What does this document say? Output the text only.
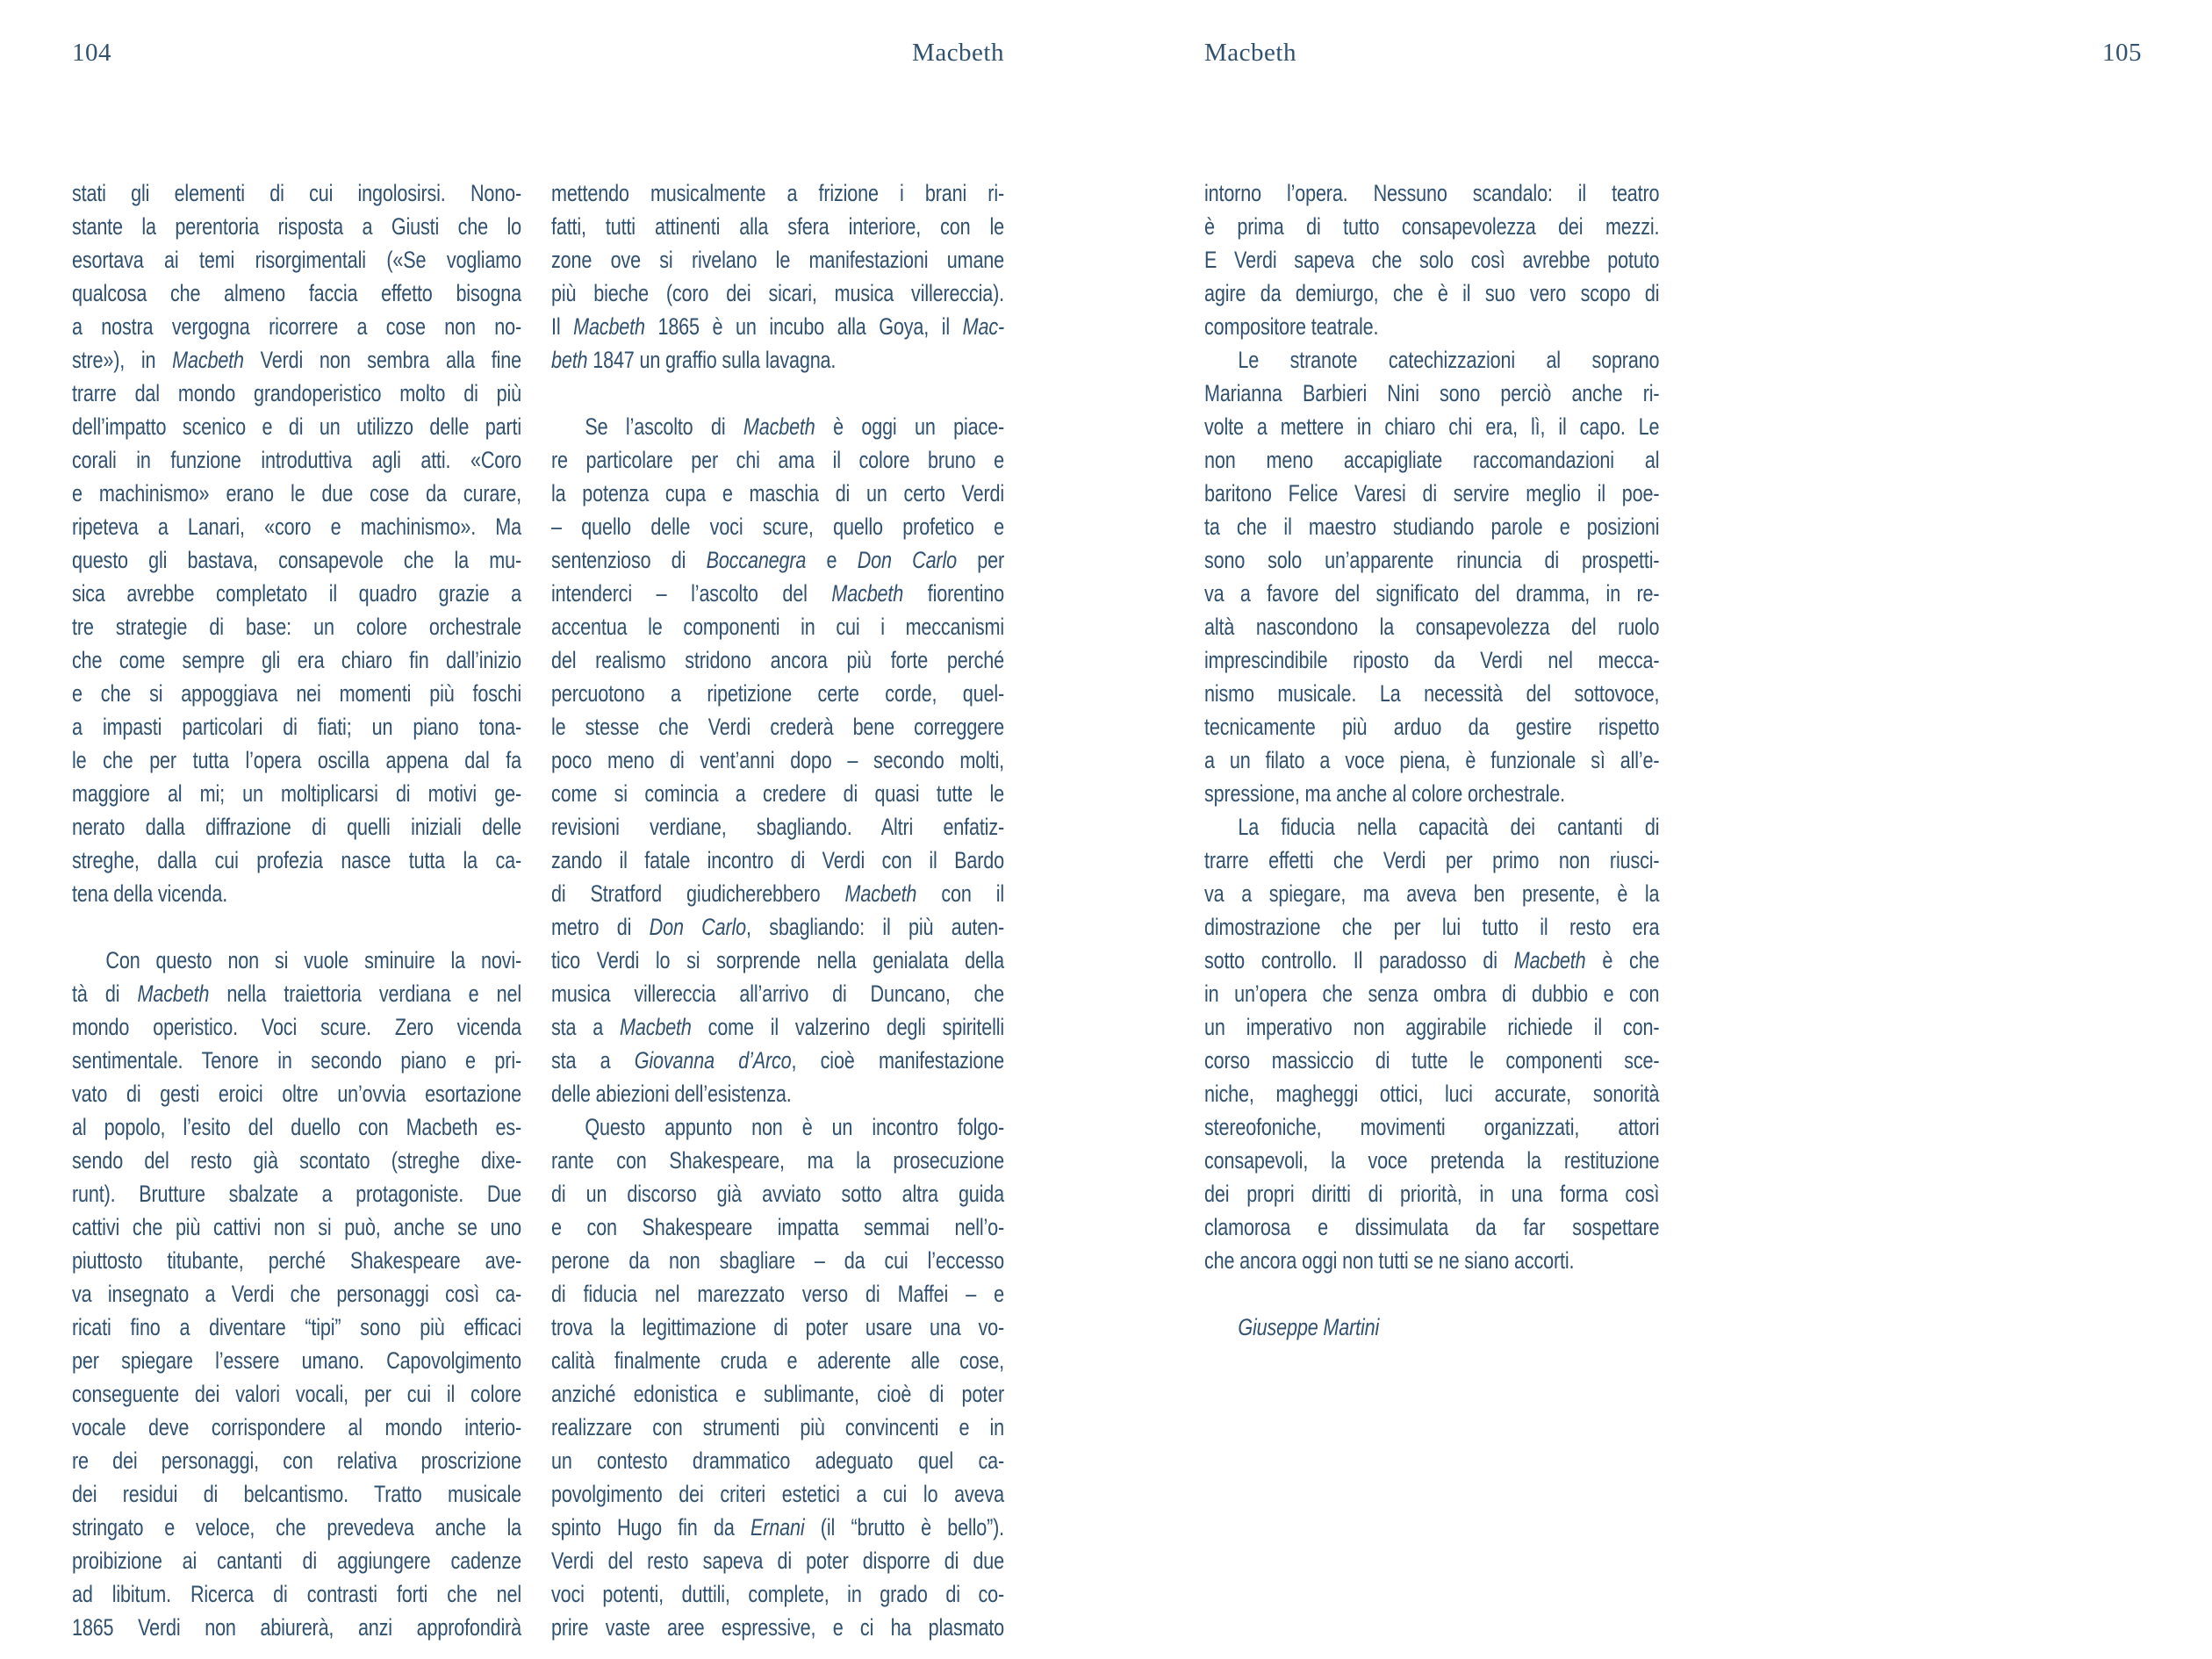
104	Macbeth	Macbeth	105
stati gli elementi di cui ingolosirsi. Nono-
stante la perentoria risposta a Giusti che lo
esortava ai temi risorgimentali («Se vogliamo
qualcosa che almeno faccia effetto bisogna
a nostra vergogna ricorrere a cose non no-
stre»), in Macbeth Verdi non sembra alla fine
trarre dal mondo grandoperistico molto di più
dell’impatto scenico e di un utilizzo delle parti
corali in funzione introduttiva agli atti. «Coro
e machinismo» erano le due cose da curare,
ripeteva a Lanari, «coro e machinismo». Ma
questo gli bastava, consapevole che la mu-
sica avrebbe completato il quadro grazie a
tre strategie di base: un colore orchestrale
che come sempre gli era chiaro fin dall’inizio
e che si appoggiava nei momenti più foschi
a impasti particolari di fiati; un piano tona-
le che per tutta l’opera oscilla appena dal fa
maggiore al mi; un moltiplicarsi di motivi ge-
nerato dalla diffrazione di quelli iniziali delle
streghe, dalla cui profezia nasce tutta la ca-
tena della vicenda.

Con questo non si vuole sminuire la novi-
tà di Macbeth nella traiettoria verdiana e nel
mondo operistico. Voci scure. Zero vicenda
sentimentale. Tenore in secondo piano e pri-
vato di gesti eroici oltre un’ovvia esortazione
al popolo, l’esito del duello con Macbeth es-
sendo del resto già scontato (streghe dixe-
runt). Brutture sbalzate a protagoniste. Due
cattivi che più cattivi non si può, anche se uno
piuttosto titubante, perché Shakespeare ave-
va insegnato a Verdi che personaggi così ca-
ricati fino a diventare “tipi” sono più efficaci
per spiegare l’essere umano. Capovolgimento
conseguente dei valori vocali, per cui il colore
vocale deve corrispondere al mondo interio-
re dei personaggi, con relativa proscrizione
dei residui di belcantismo. Tratto musicale
stringato e veloce, che prevedeva anche la
proibizione ai cantanti di aggiungere cadenze
ad libitum. Ricerca di contrasti forti che nel
1865 Verdi non abiurerà, anzi approfondirà
mettendo musicalmente a frizione i brani ri-
fatti, tutti attinenti alla sfera interiore, con le
zone ove si rivelano le manifestazioni umane
più bieche (coro dei sicari, musica villereccia).
Il Macbeth 1865 è un incubo alla Goya, il Mac-
beth 1847 un graffio sulla lavagna.

Se l’ascolto di Macbeth è oggi un piace-
re particolare per chi ama il colore bruno e
la potenza cupa e maschia di un certo Verdi
– quello delle voci scure, quello profetico e
sentenzioso di Boccanegra e Don Carlo per
intenderci – l’ascolto del Macbeth fiorentino
accentua le componenti in cui i meccanismi
del realismo stridono ancora più forte perché
percuotono a ripetizione certe corde, quel-
le stesse che Verdi crederà bene correggere
poco meno di vent’anni dopo – secondo molti,
come si comincia a credere di quasi tutte le
revisioni verdiane, sbagliando. Altri enfatiz-
zando il fatale incontro di Verdi con il Bardo
di Stratford giudicherebbero Macbeth con il
metro di Don Carlo, sbagliando: il più auten-
tico Verdi lo si sorprende nella genialata della
musica villereccia all’arrivo di Duncano, che
sta a Macbeth come il valzerino degli spiritelli
sta a Giovanna d’Arco, cioè manifestazione
delle abiezioni dell’esistenza.
Questo appunto non è un incontro folgo-
rante con Shakespeare, ma la prosecuzione
di un discorso già avviato sotto altra guida
e con Shakespeare impatta semmai nell’o-
perone da non sbagliare – da cui l’eccesso
di fiducia nel marezzato verso di Maffei – e
trova la legittimazione di poter usare una vo-
calità finalmente cruda e aderente alle cose,
anziché edonistica e sublimante, cioè di poter
realizzare con strumenti più convincenti e in
un contesto drammatico adeguato quel ca-
povolgimento dei criteri estetici a cui lo aveva
spinto Hugo fin da Ernani (il “brutto è bello”).
Verdi del resto sapeva di poter disporre di due
voci potenti, duttili, complete, in grado di co-
prire vaste aree espressive, e ci ha plasmato
intorno l’opera. Nessuno scandalo: il teatro
è prima di tutto consapevolezza dei mezzi.
E Verdi sapeva che solo così avrebbe potuto
agire da demiurgo, che è il suo vero scopo di
compositore teatrale.
Le stranote catechizzazioni al soprano
Marianna Barbieri Nini sono perciò anche ri-
volte a mettere in chiaro chi era, lì, il capo. Le
non meno accapigliate raccomandazioni al
baritono Felice Varesi di servire meglio il poe-
ta che il maestro studiando parole e posizioni
sono solo un’apparente rinuncia di prospetti-
va a favore del significato del dramma, in re-
altà nascondono la consapevolezza del ruolo
imprescindibile riposto da Verdi nel mecca-
nismo musicale. La necessità del sottovoce,
tecnicamente più arduo da gestire rispetto
a un filato a voce piena, è funzionale sì all’e-
spressione, ma anche al colore orchestrale.
La fiducia nella capacità dei cantanti di
trarre effetti che Verdi per primo non riusci-
va a spiegare, ma aveva ben presente, è la
dimostrazione che per lui tutto il resto era
sotto controllo. Il paradosso di Macbeth è che
in un’opera che senza ombra di dubbio e con
un imperativo non aggirabile richiede il con-
corso massiccio di tutte le componenti sce-
niche, magheggi ottici, luci accurate, sonorità
stereofoniche, movimenti organizzati, attori
consapevoli, la voce pretenda la restituzione
dei propri diritti di priorità, in una forma così
clamorosa e dissimulata da far sospettare
che ancora oggi non tutti se ne siano accorti.

Giuseppe Martini
